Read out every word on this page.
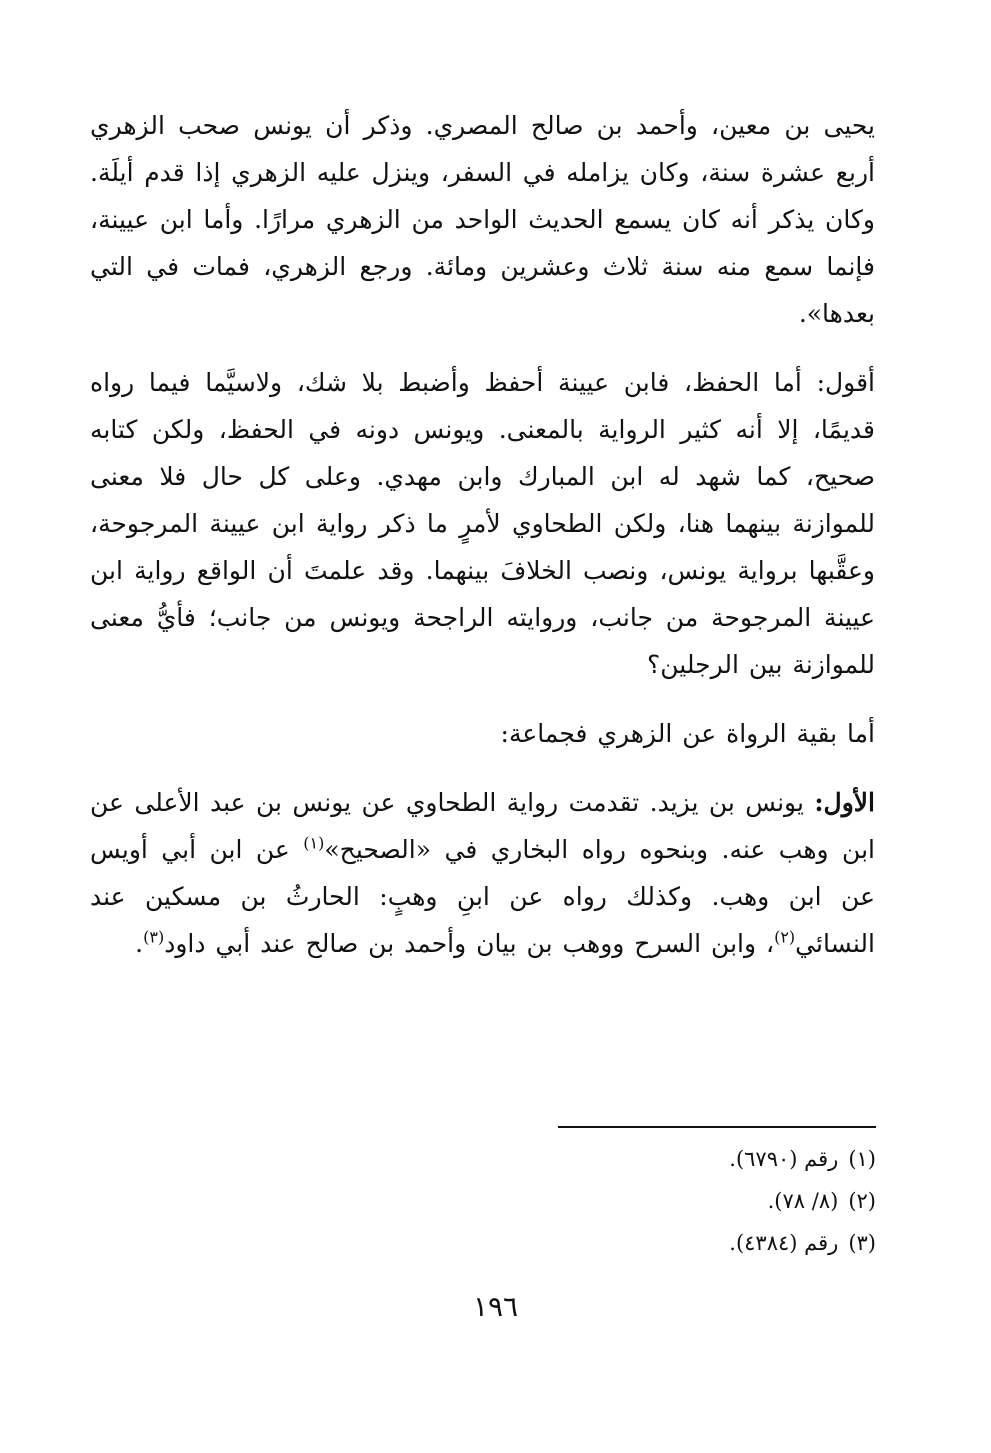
يحيى بن معين، وأحمد بن صالح المصري. وذكر أن يونس صحب الزهري أربع عشرة سنة، وكان يزامله في السفر، وينزل عليه الزهري إذا قدم أيلَة. وكان يذكر أنه كان يسمع الحديث الواحد من الزهري مرارًا. وأما ابن عيينة، فإنما سمع منه سنة ثلاث وعشرين ومائة. ورجع الزهري، فمات في التي بعدها».

أقول: أما الحفظ، فابن عيينة أحفظ وأضبط بلا شك، ولاسيَّما فيما رواه قديمًا، إلا أنه كثير الرواية بالمعنى. ويونس دونه في الحفظ، ولكن كتابه صحيح، كما شهد له ابن المبارك وابن مهدي. وعلى كل حال فلا معنى للموازنة بينهما هنا، ولكن الطحاوي لأمرٍ ما ذكر رواية ابن عيينة المرجوحة، وعقَّبها برواية يونس، ونصب الخلافَ بينهما. وقد علمتَ أن الواقع رواية ابن عيينة المرجوحة من جانب، وروايته الراجحة ويونس من جانب؛ فأيُّ معنى للموازنة بين الرجلين؟

أما بقية الرواة عن الزهري فجماعة:

الأول: يونس بن يزيد. تقدمت رواية الطحاوي عن يونس بن عبد الأعلى عن ابن وهب عنه. وبنحوه رواه البخاري في «الصحيح»$^{(١)}$ عن ابن أبي أويس عن ابن وهب. وكذلك رواه عن ابنِ وهبٍ: الحارثُ بن مسكين عند النسائي$^{(٢)}$، وابن السرح ووهب بن بيان وأحمد بن صالح عند أبي داود$^{(٣)}$.

(١)رقم (٦٧٩٠).

(٢)(٨/ ٧٨).

(٣)رقم (٤٣٨٤).

١٩٦
